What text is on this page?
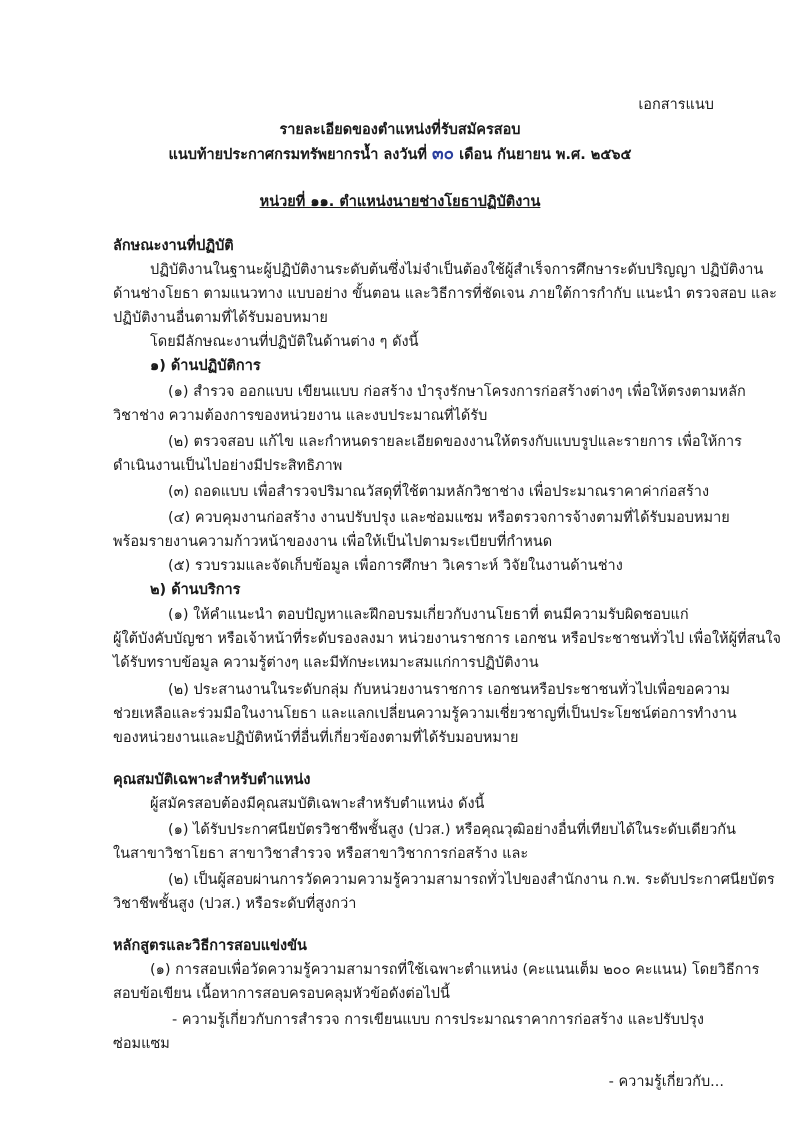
เอกสารแนบ
รายละเอียดของตำแหน่งที่รับสมัครสอบ
แนบท้ายประกาศกรมทรัพยากรน้ำ ลงวันที่ ๓๐ เดือน กันยายน พ.ศ. ๒๕๖๕
หน่วยที่ ๑๑. ตำแหน่งนายช่างโยธาปฏิบัติงาน
ลักษณะงานที่ปฏิบัติ
ปฏิบัติงานในฐานะผู้ปฏิบัติงานระดับต้นซึ่งไม่จำเป็นต้องใช้ผู้สำเร็จการศึกษาระดับปริญญา ปฏิบัติงาน
ด้านช่างโยธา ตามแนวทาง แบบอย่าง ขั้นตอน และวิธีการที่ชัดเจน ภายใต้การกำกับ แนะนำ ตรวจสอบ และ
ปฏิบัติงานอื่นตามที่ได้รับมอบหมาย
โดยมีลักษณะงานที่ปฏิบัติในด้านต่าง ๆ ดังนี้
๑) ด้านปฏิบัติการ
(๑) สำรวจ ออกแบบ เขียนแบบ ก่อสร้าง บำรุงรักษาโครงการก่อสร้างต่างๆ เพื่อให้ตรงตามหลัก
วิชาช่าง ความต้องการของหน่วยงาน และงบประมาณที่ได้รับ
(๒) ตรวจสอบ แก้ไข และกำหนดรายละเอียดของงานให้ตรงกับแบบรูปและรายการ เพื่อให้การ
ดำเนินงานเป็นไปอย่างมีประสิทธิภาพ
(๓) ถอดแบบ เพื่อสำรวจปริมาณวัสดุที่ใช้ตามหลักวิชาช่าง เพื่อประมาณราคาค่าก่อสร้าง
(๔) ควบคุมงานก่อสร้าง งานปรับปรุง และซ่อมแซม หรือตรวจการจ้างตามที่ได้รับมอบหมาย
พร้อมรายงานความก้าวหน้าของงาน เพื่อให้เป็นไปตามระเบียบที่กำหนด
(๕) รวบรวมและจัดเก็บข้อมูล เพื่อการศึกษา วิเคราะห์ วิจัยในงานด้านช่าง
๒) ด้านบริการ
(๑) ให้คำแนะนำ ตอบปัญหาและฝึกอบรมเกี่ยวกับงานโยธาที่ ตนมีความรับผิดชอบแก่
ผู้ใต้บังคับบัญชา หรือเจ้าหน้าที่ระดับรองลงมา หน่วยงานราชการ เอกชน หรือประชาชนทั่วไป เพื่อให้ผู้ที่สนใจ
ได้รับทราบข้อมูล ความรู้ต่างๆ และมีทักษะเหมาะสมแก่การปฏิบัติงาน
(๒) ประสานงานในระดับกลุ่ม กับหน่วยงานราชการ เอกชนหรือประชาชนทั่วไปเพื่อขอความ
ช่วยเหลือและร่วมมือในงานโยธา และแลกเปลี่ยนความรู้ความเชี่ยวชาญที่เป็นประโยชน์ต่อการทำงาน
ของหน่วยงานและปฏิบัติหน้าที่อื่นที่เกี่ยวข้องตามที่ได้รับมอบหมาย
คุณสมบัติเฉพาะสำหรับตำแหน่ง
ผู้สมัครสอบต้องมีคุณสมบัติเฉพาะสำหรับตำแหน่ง ดังนี้
(๑) ได้รับประกาศนียบัตรวิชาชีพชั้นสูง (ปวส.) หรือคุณวุฒิอย่างอื่นที่เทียบได้ในระดับเดียวกัน
ในสาขาวิชาโยธา สาขาวิชาสำรวจ หรือสาขาวิชาการก่อสร้าง และ
(๒) เป็นผู้สอบผ่านการวัดความความรู้ความสามารถทั่วไปของสำนักงาน ก.พ. ระดับประกาศนียบัตร
วิชาชีพชั้นสูง (ปวส.) หรือระดับที่สูงกว่า
หลักสูตรและวิธีการสอบแข่งขัน
(๑) การสอบเพื่อวัดความรู้ความสามารถที่ใช้เฉพาะตำแหน่ง (คะแนนเต็ม ๒๐๐ คะแนน) โดยวิธีการ
สอบข้อเขียน เนื้อหาการสอบครอบคลุมหัวข้อดังต่อไปนี้
- ความรู้เกี่ยวกับการสำรวจ การเขียนแบบ การประมาณราคาการก่อสร้าง และปรับปรุง
ซ่อมแซม
- ความรู้เกี่ยวกับ...
